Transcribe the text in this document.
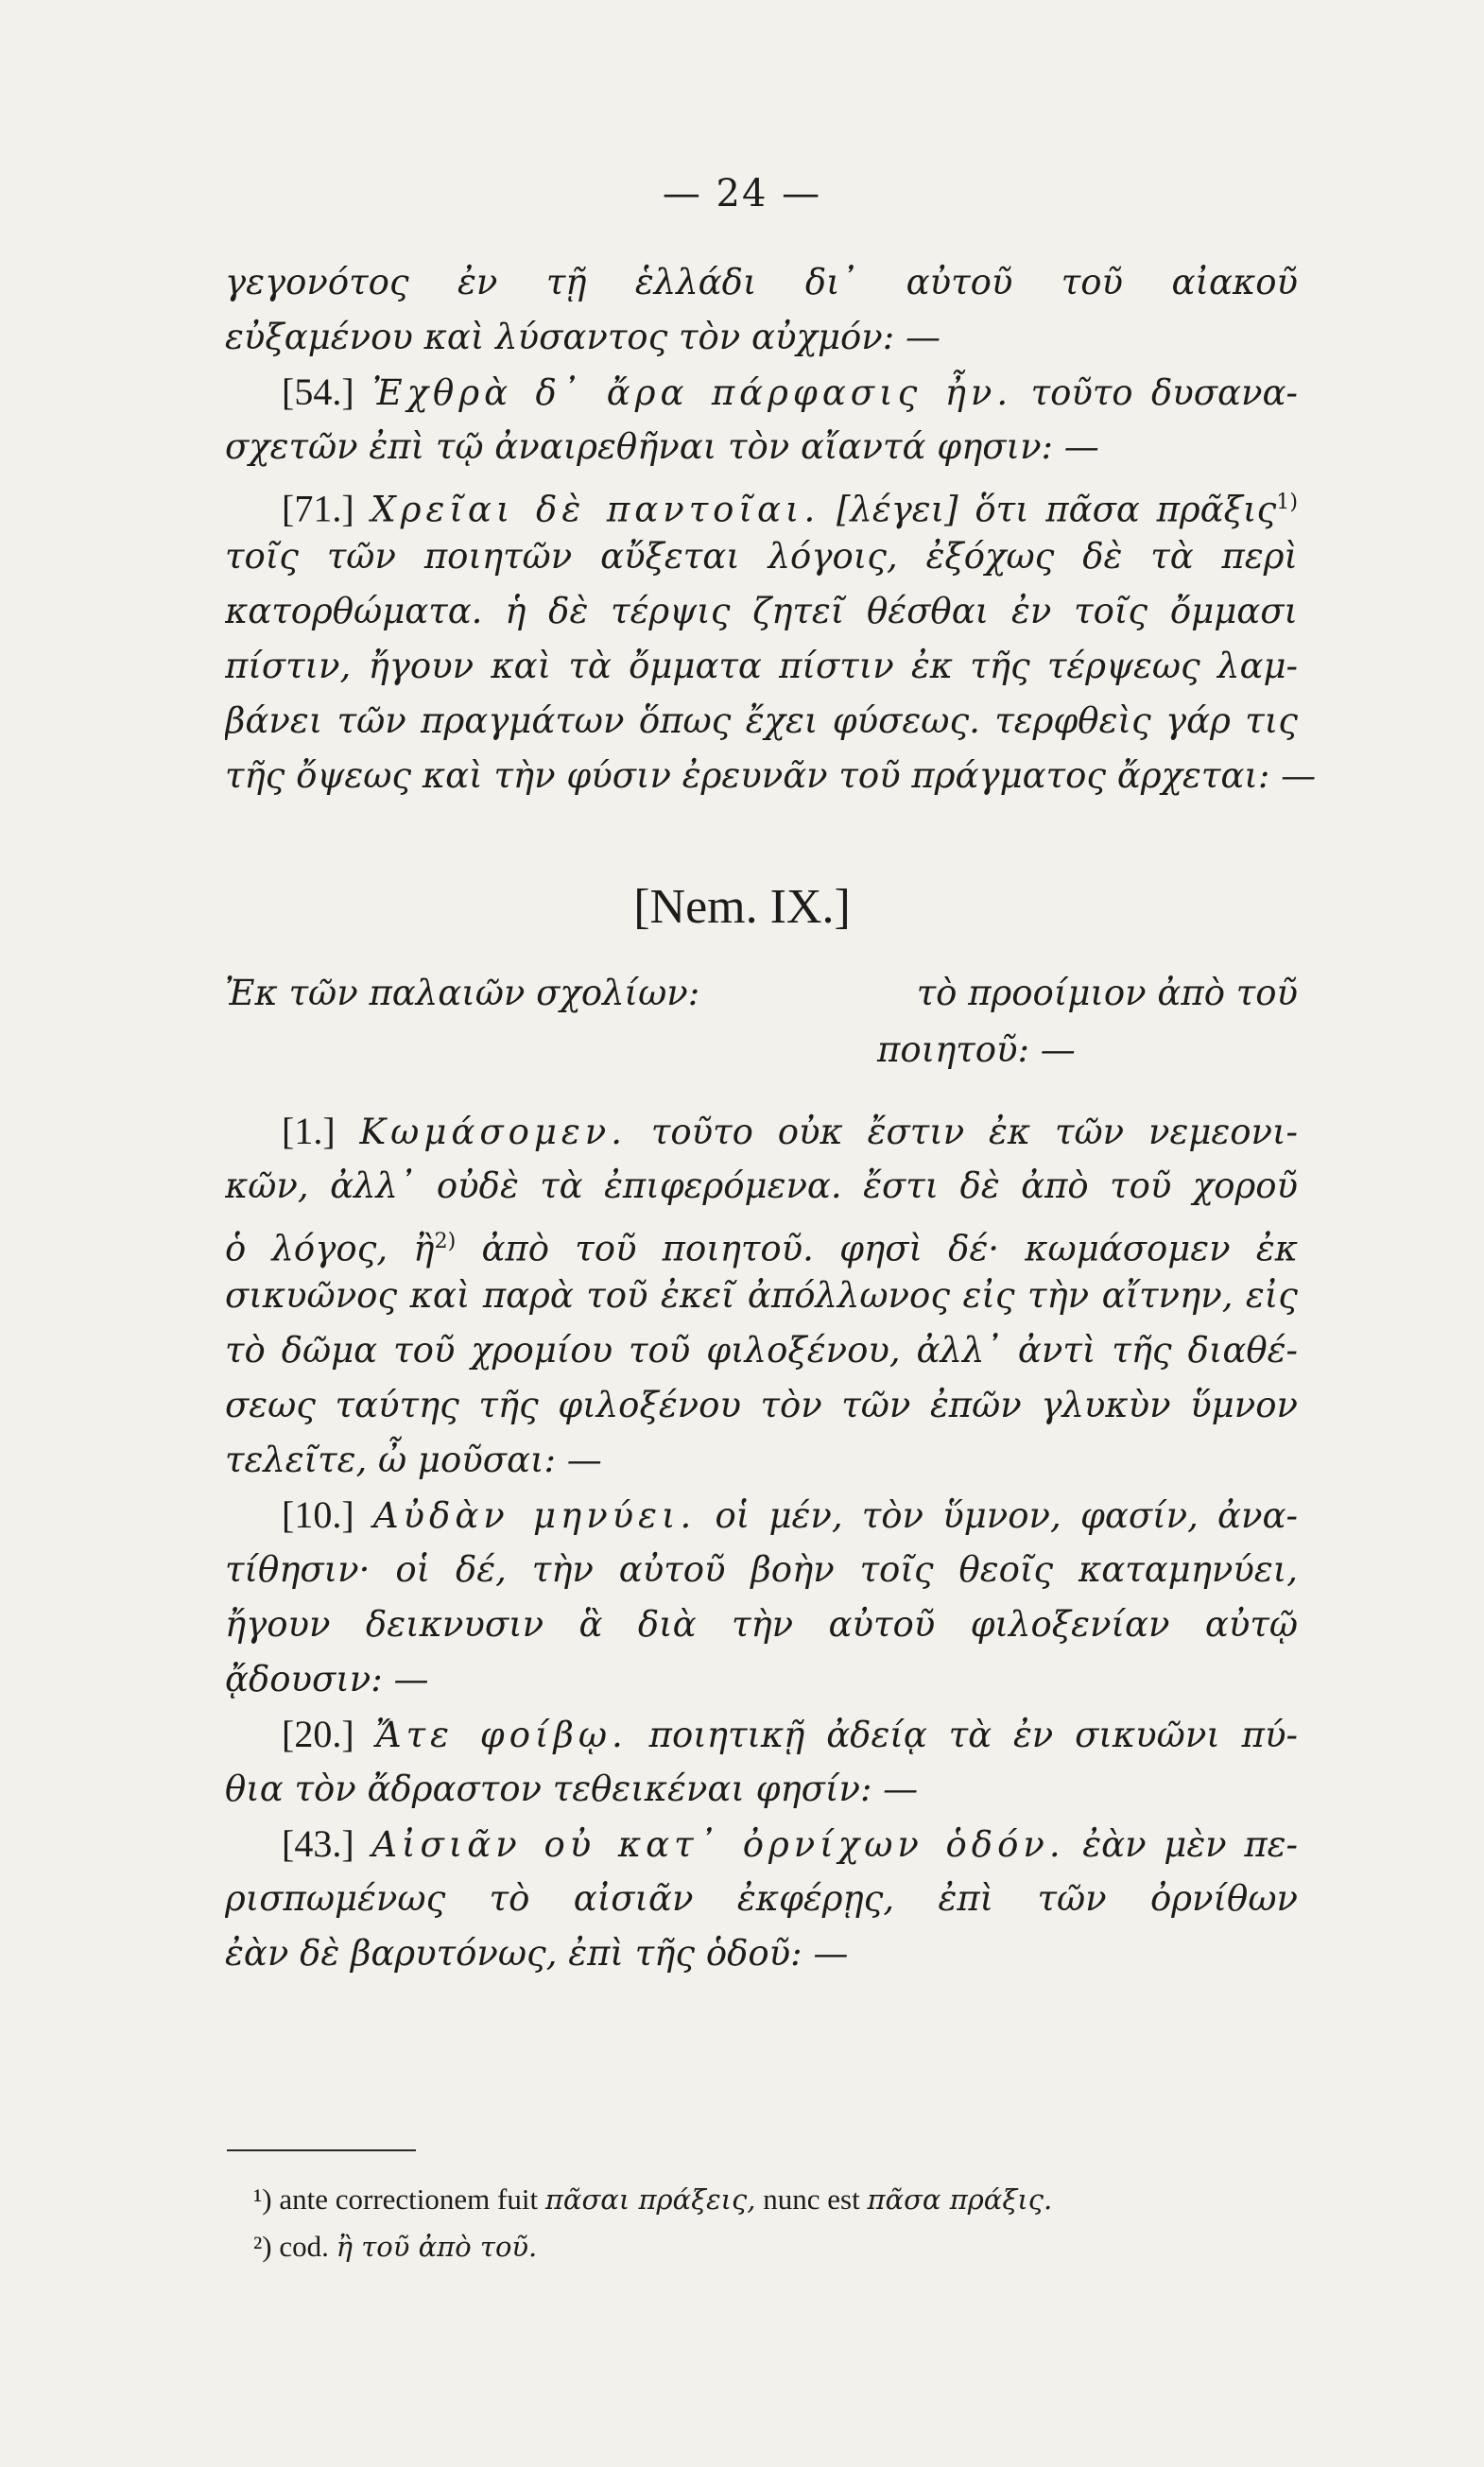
— 24 —
γεγονότος ἐν τῇ ἑλλάδι δι᾽ αὐτοῦ τοῦ αἰακοῦ
εὐξαμένου καὶ λύσαντος τὸν αὐχμόν: —
[54.] Ἐχθρὰ δ᾽ ἄρα πάρφασις ἦν. τοῦτο δυσανα-
σχετῶν ἐπὶ τῷ ἀναιρεθῆναι τὸν αἴαντά φησιν: —
[71.] Χρεῖαι δὲ παντοῖαι. [λέγει] ὅτι πᾶσα πρᾶξις$^{1)}$
τοῖς τῶν ποιητῶν αὔξεται λόγοις, ἐξόχως δὲ τὰ περὶ
κατορθώματα. ἡ δὲ τέρψις ζητεῖ θέσθαι ἐν τοῖς ὄμμασι
πίστιν, ἤγουν καὶ τὰ ὄμματα πίστιν ἐκ τῆς τέρψεως λαμ-
βάνει τῶν πραγμάτων ὅπως ἔχει φύσεως. τερφθεὶς γάρ τις
τῆς ὄψεως καὶ τὴν φύσιν ἐρευνᾶν τοῦ πράγματος ἄρχεται: —
[Nem. IX.]
Ἐκ τῶν παλαιῶν σχολίων:	τὸ προοίμιον ἀπὸ τοῦ
ποιητοῦ: —
[1.] Κωμάσομεν. τοῦτο οὐκ ἔστιν ἐκ τῶν νεμεονι-
κῶν, ἀλλ᾽ οὐδὲ τὰ ἐπιφερόμενα. ἔστι δὲ ἀπὸ τοῦ χοροῦ
ὁ λόγος, ἢ$^{2)}$ ἀπὸ τοῦ ποιητοῦ. φησὶ δέ· κωμάσομεν ἐκ
σικυῶνος καὶ παρὰ τοῦ ἐκεῖ ἀπόλλωνος εἰς τὴν αἴτνην, εἰς
τὸ δῶμα τοῦ χρομίου τοῦ φιλοξένου, ἀλλ᾽ ἀντὶ τῆς διαθέ-
σεως ταύτης τῆς φιλοξένου τὸν τῶν ἐπῶν γλυκὺν ὕμνον
τελεῖτε, ὦ μοῦσαι: —
[10.] Αὐδὰν μηνύει. οἱ μέν, τὸν ὕμνον, φασίν, ἀνα-
τίθησιν· οἱ δέ, τὴν αὐτοῦ βοὴν τοῖς θεοῖς καταμηνύει,
ἤγουν δεικνυσιν ἃ διὰ τὴν αὐτοῦ φιλοξενίαν αὐτῷ
ᾄδουσιν: —
[20.] Ἄτε φοίβῳ. ποιητικῇ ἀδείᾳ τὰ ἐν σικυῶνι πύ-
θια τὸν ἄδραστον τεθεικέναι φησίν: —
[43.] Αἰσιᾶν οὐ κατ᾽ ὀρνίχων ὁδόν. ἐὰν μὲν πε-
ρισπωμένως τὸ αἰσιᾶν ἐκφέρῃς, ἐπὶ τῶν ὀρνίθων
ἐὰν δὲ βαρυτόνως, ἐπὶ τῆς ὁδοῦ: —
¹) ante correctionem fuit πᾶσαι πράξεις, nunc est πᾶσα πράξις.
²) cod. ἢ τοῦ ἀπὸ τοῦ.
